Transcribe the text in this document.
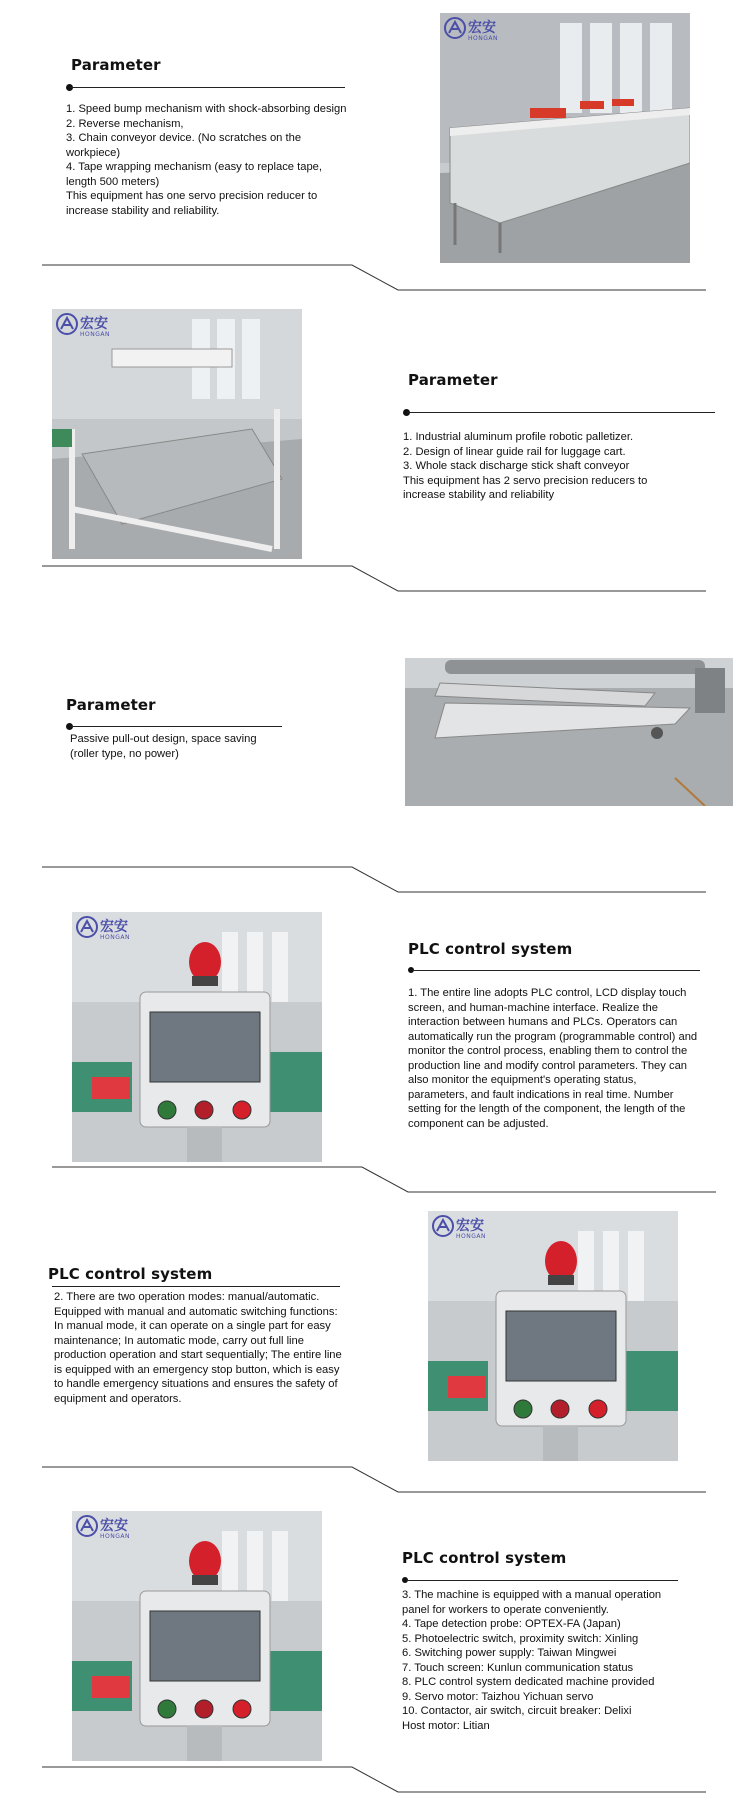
Parameter

1. Speed bump mechanism with shock-absorbing design

2. Reverse mechanism,

3. Chain conveyor device. (No scratches on the workpiece)

4. Tape wrapping mechanism (easy to replace tape, length 500 meters)

This equipment has one servo precision reducer to increase stability and reliability.

宏安
HONGAN
宏安
HONGAN
Parameter

1. Industrial aluminum profile robotic palletizer.

2. Design of linear guide rail for luggage cart.

3. Whole stack discharge stick shaft conveyor

This equipment has 2 servo precision reducers to increase stability and reliability

Parameter

Passive pull-out design, space saving (roller type, no power)

宏安
HONGAN
PLC control system

1. The entire line adopts PLC control, LCD display touch screen, and human-machine interface. Realize the interaction between humans and PLCs. Operators can automatically run the program (programmable control) and monitor the control process, enabling them to control the production line and modify control parameters. They can also monitor the equipment's operating status, parameters, and fault indications in real time. Number setting for the length of the component, the length of the component can be adjusted.

PLC control system

2. There are two operation modes: manual/automatic. Equipped with manual and automatic switching functions: In manual mode, it can operate on a single part for easy maintenance; In automatic mode, carry out full line production operation and start sequentially; The entire line is equipped with an emergency stop button, which is easy to handle emergency situations and ensures the safety of equipment and operators.

宏安
HONGAN
宏安
HONGAN
PLC control system

3. The machine is equipped with a manual operation panel for workers to operate conveniently.

4. Tape detection probe: OPTEX-FA (Japan)

5. Photoelectric switch, proximity switch: Xinling

6. Switching power supply: Taiwan Mingwei

7. Touch screen: Kunlun communication status

8. PLC control system dedicated machine provided

9. Servo motor: Taizhou Yichuan servo

10. Contactor, air switch, circuit breaker: Delixi

Host motor: Litian
